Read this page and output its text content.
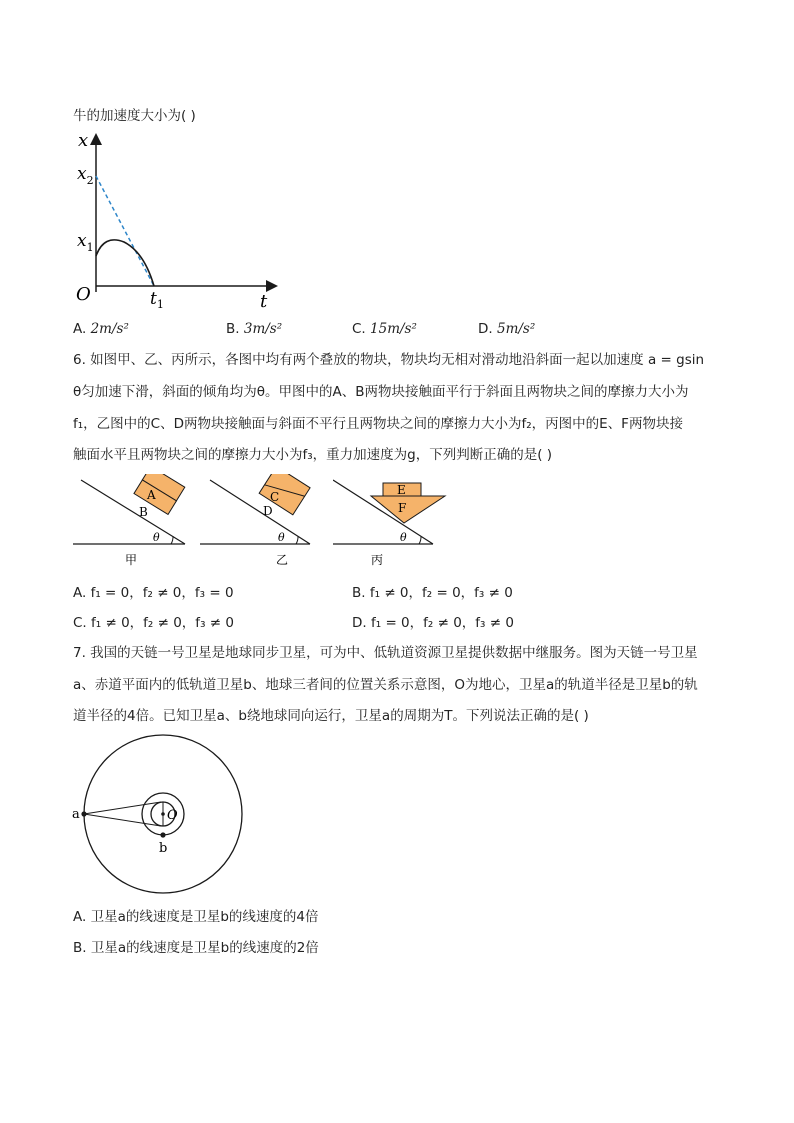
牛的加速度大小为( )
x
$x_2$
$x_1$
O	$t_1$	t
A. 2m/s²	B. 3m/s²	C. 15m/s²	D. 5m/s²
6. 如图甲、乙、丙所示，各图中均有两个叠放的物块，物块均无相对滑动地沿斜面一起以加速度 a = gsin
θ匀加速下滑，斜面的倾角均为θ。甲图中的A、B两物块接触面平行于斜面且两物块之间的摩擦力大小为
f₁，乙图中的C、D两物块接触面与斜面不平行且两物块之间的摩擦力大小为f₂，丙图中的E、F两物块接
触面水平且两物块之间的摩擦力大小为f₃，重力加速度为g，下列判断正确的是( )
A
B
θ
甲
C
D
θ
乙
E
F
θ
丙
A. f₁ = 0，f₂ ≠ 0，f₃ = 0	B. f₁ ≠ 0，f₂ = 0，f₃ ≠ 0
C. f₁ ≠ 0，f₂ ≠ 0，f₃ ≠ 0	D. f₁ = 0，f₂ ≠ 0，f₃ ≠ 0
7. 我国的天链一号卫星是地球同步卫星，可为中、低轨道资源卫星提供数据中继服务。图为天链一号卫星
a、赤道平面内的低轨道卫星b、地球三者间的位置关系示意图，O为地心，卫星a的轨道半径是卫星b的轨
道半径的4倍。已知卫星a、b绕地球同向运行，卫星a的周期为T。下列说法正确的是( )
a
b
O
A. 卫星a的线速度是卫星b的线速度的4倍
B. 卫星a的线速度是卫星b的线速度的2倍
